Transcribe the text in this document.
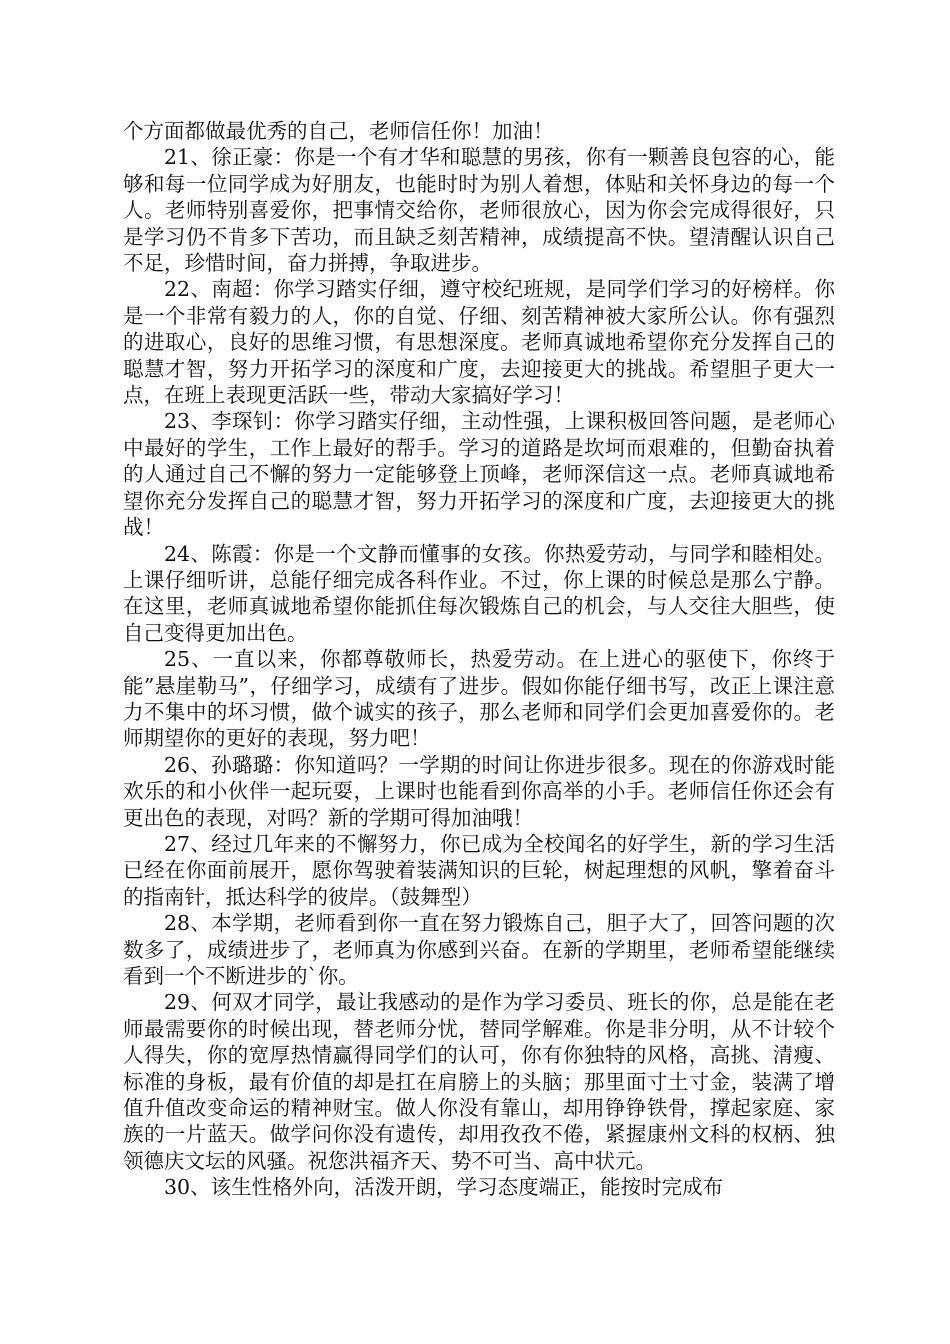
个方面都做最优秀的自己，老师信任你！加油！

21、徐正豪：你是一个有才华和聪慧的男孩，你有一颗善良包容的心，能够和每一位同学成为好朋友，也能时时为别人着想，体贴和关怀身边的每一个人。老师特别喜爱你，把事情交给你，老师很放心，因为你会完成得很好，只是学习仍不肯多下苦功，而且缺乏刻苦精神，成绩提高不快。望清醒认识自己不足，珍惜时间，奋力拼搏，争取进步。

22、南超：你学习踏实仔细，遵守校纪班规，是同学们学习的好榜样。你是一个非常有毅力的人，你的自觉、仔细、刻苦精神被大家所公认。你有强烈的进取心，良好的思维习惯，有思想深度。老师真诚地希望你充分发挥自己的聪慧才智，努力开拓学习的深度和广度，去迎接更大的挑战。希望胆子更大一点，在班上表现更活跃一些，带动大家搞好学习！

23、李琛钊：你学习踏实仔细，主动性强，上课积极回答问题，是老师心中最好的学生，工作上最好的帮手。学习的道路是坎坷而艰难的，但勤奋执着的人通过自己不懈的努力一定能够登上顶峰，老师深信这一点。老师真诚地希望你充分发挥自己的聪慧才智，努力开拓学习的深度和广度，去迎接更大的挑战！

24、陈霞：你是一个文静而懂事的女孩。你热爱劳动，与同学和睦相处。上课仔细听讲，总能仔细完成各科作业。不过，你上课的时候总是那么宁静。在这里，老师真诚地希望你能抓住每次锻炼自己的机会，与人交往大胆些，使自己变得更加出色。

25、一直以来，你都尊敬师长，热爱劳动。在上进心的驱使下，你终于能”悬崖勒马”，仔细学习，成绩有了进步。假如你能仔细书写，改正上课注意力不集中的坏习惯，做个诚实的孩子，那么老师和同学们会更加喜爱你的。老师期望你的更好的表现，努力吧！

26、孙璐璐：你知道吗？一学期的时间让你进步很多。现在的你游戏时能欢乐的和小伙伴一起玩耍，上课时也能看到你高举的小手。老师信任你还会有更出色的表现，对吗？新的学期可得加油哦！

27、经过几年来的不懈努力，你已成为全校闻名的好学生，新的学习生活已经在你面前展开，愿你驾驶着装满知识的巨轮，树起理想的风帆，擎着奋斗的指南针，抵达科学的彼岸。（鼓舞型）

28、本学期，老师看到你一直在努力锻炼自己，胆子大了，回答问题的次数多了，成绩进步了，老师真为你感到兴奋。在新的学期里，老师希望能继续看到一个不断进步的`你。

29、何双才同学，最让我感动的是作为学习委员、班长的你，总是能在老师最需要你的时候出现，替老师分忧，替同学解难。你是非分明，从不计较个人得失，你的宽厚热情赢得同学们的认可，你有你独特的风格，高挑、清瘦、标准的身板，最有价值的却是扛在肩膀上的头脑；那里面寸土寸金，装满了增值升值改变命运的精神财宝。做人你没有靠山，却用铮铮铁骨，撑起家庭、家族的一片蓝天。做学问你没有遗传，却用孜孜不倦，紧握康州文科的权柄、独领德庆文坛的风骚。祝您洪福齐天、势不可当、高中状元。

30、该生性格外向，活泼开朗，学习态度端正，能按时完成布
